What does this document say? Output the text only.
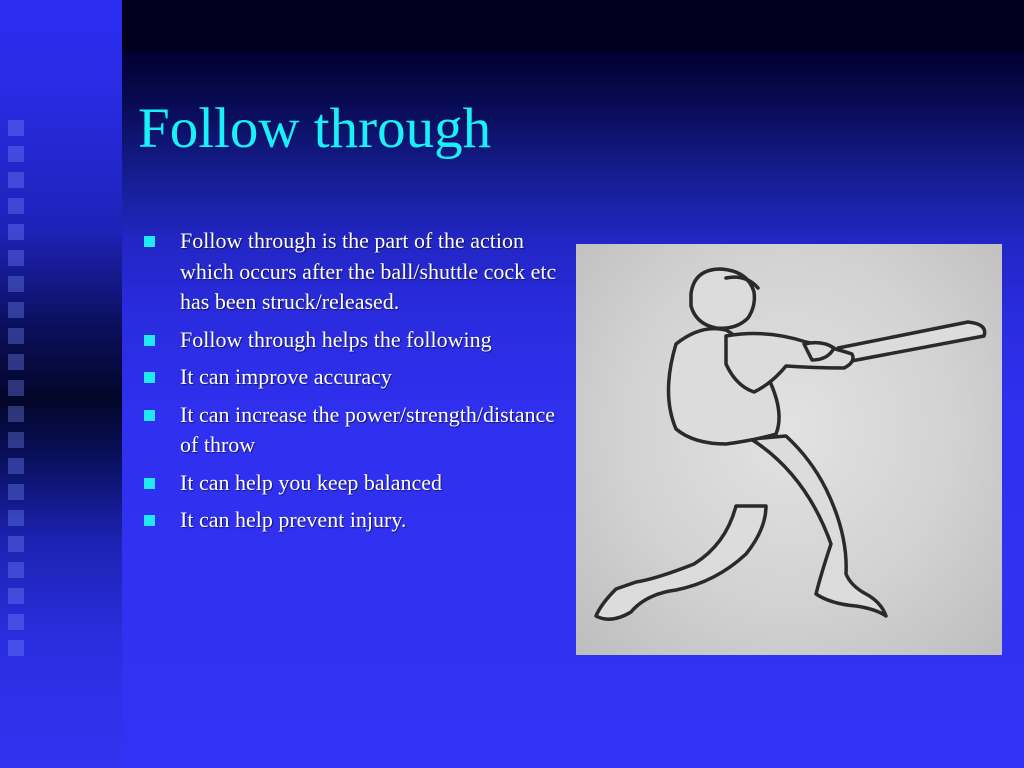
Follow through
Follow through is the part of the action which occurs after the ball/shuttle cock etc has been struck/released.
Follow through helps the following
It can improve accuracy
It can increase the power/strength/distance of throw
It can help you keep balanced
It can help prevent injury.
